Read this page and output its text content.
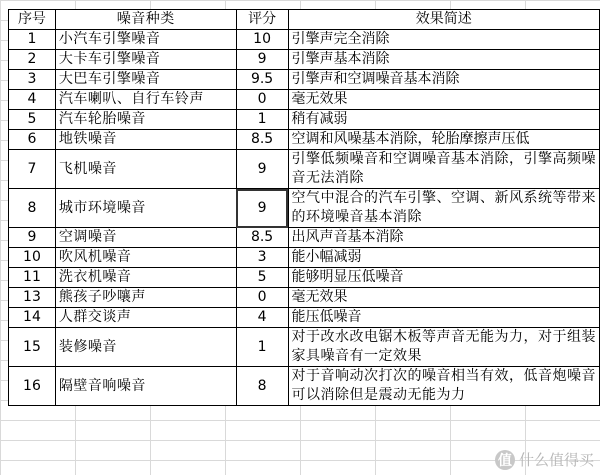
序号	噪音种类	评分	效果简述
1	小汽车引擎噪音	10	引擎声完全消除
2	大卡车引擎噪音	9	引擎声基本消除
3	大巴车引擎噪音	9.5	引擎声和空调噪音基本消除
4	汽车喇叭、自行车铃声	0	毫无效果
5	汽车轮胎噪音	1	稍有减弱
6	地铁噪音	8.5	空调和风噪基本消除，轮胎摩擦声压低
7	飞机噪音	9	引擎低频噪音和空调噪音基本消除，引擎高频噪音无法消除
8	城市环境噪音	9	空气中混合的汽车引擎、空调、新风系统等带来的环境噪音基本消除
9	空调噪音	8.5	出风声音基本消除
10	吹风机噪音	3	能小幅减弱
11	洗衣机噪音	5	能够明显压低噪音
13	熊孩子吵嚷声	0	毫无效果
14	人群交谈声	4	能压低噪音
15	装修噪音	1	对于改水改电锯木板等声音无能为力，对于组装家具噪音有一定效果
16	隔壁音响噪音	8	对于音响动次打次的噪音相当有效，低音炮噪音可以消除但是震动无能为力
值 什么值得买
